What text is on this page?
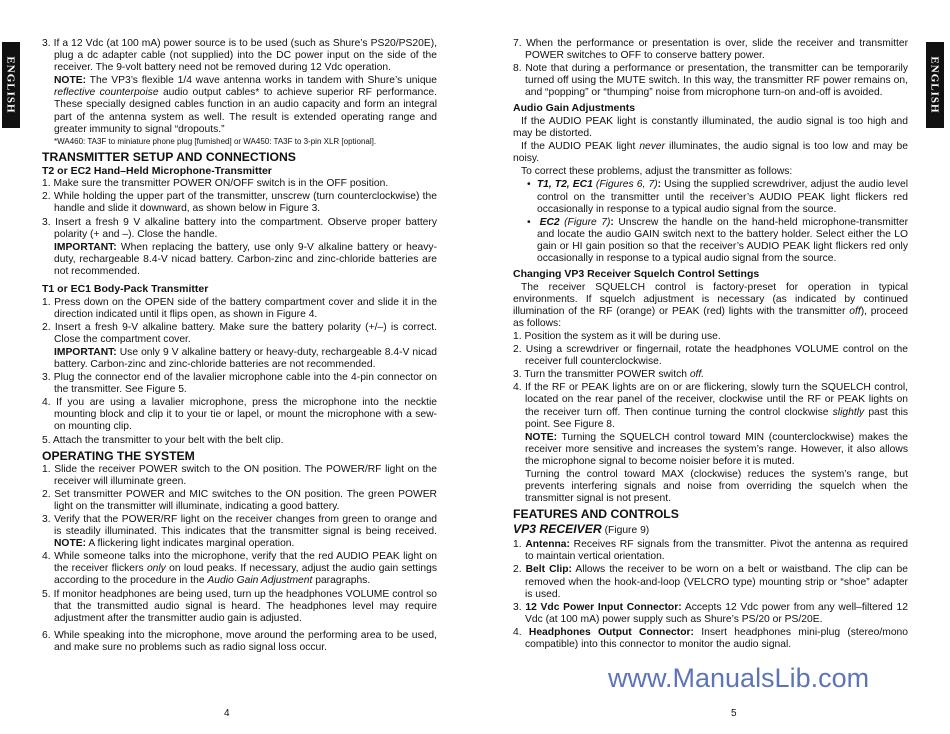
ENGLISH	ENGLISH

3. If a 12 Vdc (at 100 mA) power source is to be used (such as Shure’s PS20/PS20E), plug a dc adapter cable (not supplied) into the DC power input on the side of the receiver. The 9-volt battery need not be removed during 12 Vdc operation.

NOTE: The VP3’s flexible 1/4 wave antenna works in tandem with Shure’s unique reflective counterpoise audio output cables* to achieve superior RF performance. These specially designed cables function in an audio capacity and form an integral part of the antenna system as well. The result is extended operating range and greater immunity to signal “dropouts.”

*WA460: TA3F to miniature phone plug [furnished] or WA450: TA3F to 3-pin XLR [optional].

TRANSMITTER SETUP AND CONNECTIONS
T2 or EC2 Hand–Held Microphone-Transmitter

1. Make sure the transmitter POWER ON/OFF switch is in the OFF position.

2. While holding the upper part of the transmitter, unscrew (turn counterclockwise) the handle and slide it downward, as shown below in Figure 3.

3. Insert a fresh 9 V alkaline battery into the compartment. Observe proper battery polarity (+ and –). Close the handle.

IMPORTANT: When replacing the battery, use only 9-V alkaline battery or heavy-duty, rechargeable 8.4-V nicad battery. Carbon-zinc and zinc-chloride batteries are not recommended.

T1 or EC1 Body-Pack Transmitter

1. Press down on the OPEN side of the battery compartment cover and slide it in the direction indicated until it flips open, as shown in Figure 4.

2. Insert a fresh 9-V alkaline battery. Make sure the battery polarity (+/–) is correct. Close the compartment cover.

IMPORTANT: Use only 9 V alkaline battery or heavy-duty, rechargeable 8.4-V nicad battery. Carbon-zinc and zinc-chloride batteries are not recommended.

3. Plug the connector end of the lavalier microphone cable into the 4-pin connector on the transmitter. See Figure 5.

4. If you are using a lavalier microphone, press the microphone into the necktie mounting block and clip it to your tie or lapel, or mount the microphone with a sew-on mounting clip.

5. Attach the transmitter to your belt with the belt clip.

OPERATING THE SYSTEM

1. Slide the receiver POWER switch to the ON position. The POWER/RF light on the receiver will illuminate green.

2. Set transmitter POWER and MIC switches to the ON position. The green POWER light on the transmitter will illuminate, indicating a good battery.

3. Verify that the POWER/RF light on the receiver changes from green to orange and is steadily illuminated. This indicates that the transmitter signal is being received. NOTE: A flickering light indicates marginal operation.

4. While someone talks into the microphone, verify that the red AUDIO PEAK light on the receiver flickers only on loud peaks. If necessary, adjust the audio gain settings according to the procedure in the Audio Gain Adjustment paragraphs.

5. If monitor headphones are being used, turn up the headphones VOLUME control so that the transmitted audio signal is heard. The headphones level may require adjustment after the transmitter audio gain is adjusted.

6. While speaking into the microphone, move around the performing area to be used, and make sure no problems such as radio signal loss occur.

7. When the performance or presentation is over, slide the receiver and transmitter POWER switches to OFF to conserve battery power.

8. Note that during a performance or presentation, the transmitter can be temporarily turned off using the MUTE switch. In this way, the transmitter RF power remains on, and “popping” or “thumping” noise from microphone turn-on and-off is avoided.

Audio Gain Adjustments

If the AUDIO PEAK light is constantly illuminated, the audio signal is too high and may be distorted.

If the AUDIO PEAK light never illuminates, the audio signal is too low and may be noisy.

To correct these problems, adjust the transmitter as follows:

•  T1, T2, EC1 (Figures 6, 7): Using the supplied screwdriver, adjust the audio level control on the transmitter until the receiver’s AUDIO PEAK light flickers red occasionally in response to a typical audio signal from the source.

•  EC2 (Figure 7): Unscrew the handle on the hand-held microphone-transmitter and locate the audio GAIN switch next to the battery holder. Select either the LO gain or HI gain position so that the receiver’s AUDIO PEAK light flickers red only occasionally in response to a typical audio signal from the source.

Changing VP3 Receiver Squelch Control Settings

The receiver SQUELCH control is factory-preset for operation in typical environments. If squelch adjustment is necessary (as indicated by continued illumination of the RF (orange) or PEAK (red) lights with the transmitter off), proceed as follows:

1. Position the system as it will be during use.

2. Using a screwdriver or fingernail, rotate the headphones VOLUME control on the receiver full counterclockwise.

3. Turn the transmitter POWER switch off.

4. If the RF or PEAK lights are on or are flickering, slowly turn the SQUELCH control, located on the rear panel of the receiver, clockwise until the RF or PEAK lights on the receiver turn off. Then continue turning the control clockwise slightly past this point. See Figure 8.

NOTE: Turning the SQUELCH control toward MIN (counterclockwise) makes the receiver more sensitive and increases the system’s range. However, it also allows the microphone signal to become noisier before it is muted.

Turning the control toward MAX (clockwise) reduces the system’s range, but prevents interfering signals and noise from overriding the squelch when the transmitter signal is not present.

FEATURES AND CONTROLS
VP3 RECEIVER (Figure 9)

1. Antenna: Receives RF signals from the transmitter. Pivot the antenna as required to maintain vertical orientation.

2. Belt Clip: Allows the receiver to be worn on a belt or waistband. The clip can be removed when the hook-and-loop (VELCRO type) mounting strip or “shoe” adapter is used.

3. 12 Vdc Power Input Connector: Accepts 12 Vdc power from any well–filtered 12 Vdc (at 100 mA) power supply such as Shure’s PS/20 or PS/20E.

4. Headphones Output Connector: Insert headphones mini-plug (stereo/mono compatible) into this connector to monitor the audio signal.

4	5
www.ManualsLib.com
